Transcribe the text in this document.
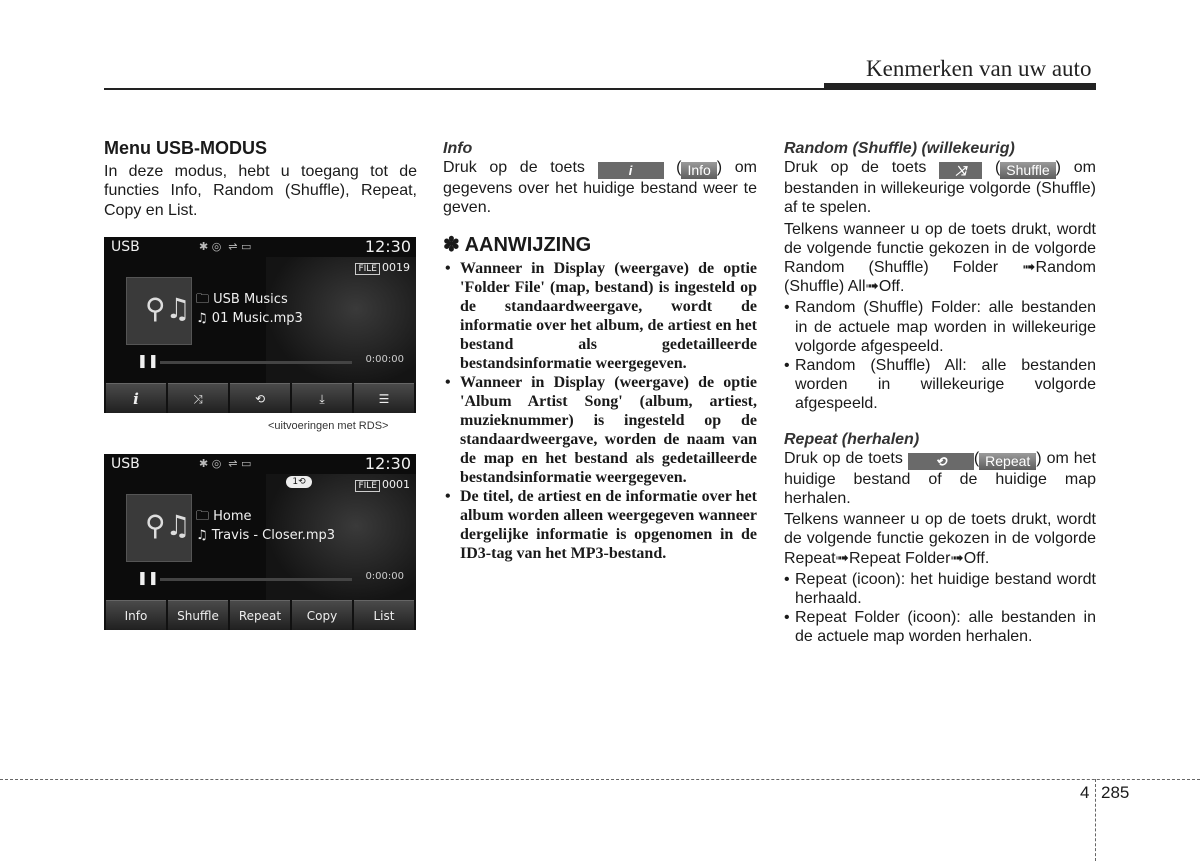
Kenmerken van uw auto
Menu USB-MODUS

In deze modus, hebt u toegang tot de functies Info, Random (Shuffle), Repeat, Copy en List.

USB	✱ ◎  ⇌ ▭	12:30
FILE 0019
⚲♫ 🗀 USB Musics
♫ 01 Music.mp3
❚❚	0:00:00
i	⤨	⟲	⤓	☰
<uitvoeringen met RDS>
USB	✱ ◎  ⇌ ▭	12:30
1⟲	FILE 0001
⚲♫ 🗀 Home
♫ Travis - Closer.mp3
❚❚	0:00:00
Info	Shuffle	Repeat	Copy	List

Info

Druk op de toets	i ( Info ) om gegevens over het huidige bestand weer te geven.

✽ AANWIJZING
• Wanneer in Display (weergave) de optie 'Folder File' (map, bestand) is ingesteld op de standaardweergave, wordt de informatie over het album, de artiest en het bestand als gedetailleerde bestandsinformatie weergegeven.
• Wanneer in Display (weergave) de optie 'Album Artist Song' (album, artiest, muzieknummer) is ingesteld op de standaardweergave, worden de naam van de map en het bestand als gedetailleerde bestandsinformatie weergegeven.
• De titel, de artiest en de informatie over het album worden alleen weergegeven wanneer dergelijke informatie is opgenomen in de ID3-tag van het MP3-bestand.

Random (Shuffle) (willekeurig)

Druk op de toets ⤨ ( Shuffle ) om bestanden in willekeurige volgorde (Shuffle) af te spelen.

Telkens wanneer u op de toets drukt, wordt de volgende functie gekozen in de volgorde Random (Shuffle) Folder ➟Random (Shuffle) All➟Off.

• Random (Shuffle) Folder: alle bestanden in de actuele map worden in willekeurige volgorde afgespeeld.
• Random (Shuffle) All: alle bestanden worden in willekeurige volgorde afgespeeld.

Repeat (herhalen)

Druk op de toets ⟲ ( Repeat ) om het huidige bestand of de huidige map herhalen.

Telkens wanneer u op de toets drukt, wordt de volgende functie gekozen in de volgorde Repeat➟Repeat Folder➟Off.

• Repeat (icoon): het huidige bestand wordt herhaald.
• Repeat Folder (icoon): alle bestanden in de actuele map worden herhalen.
4 285
